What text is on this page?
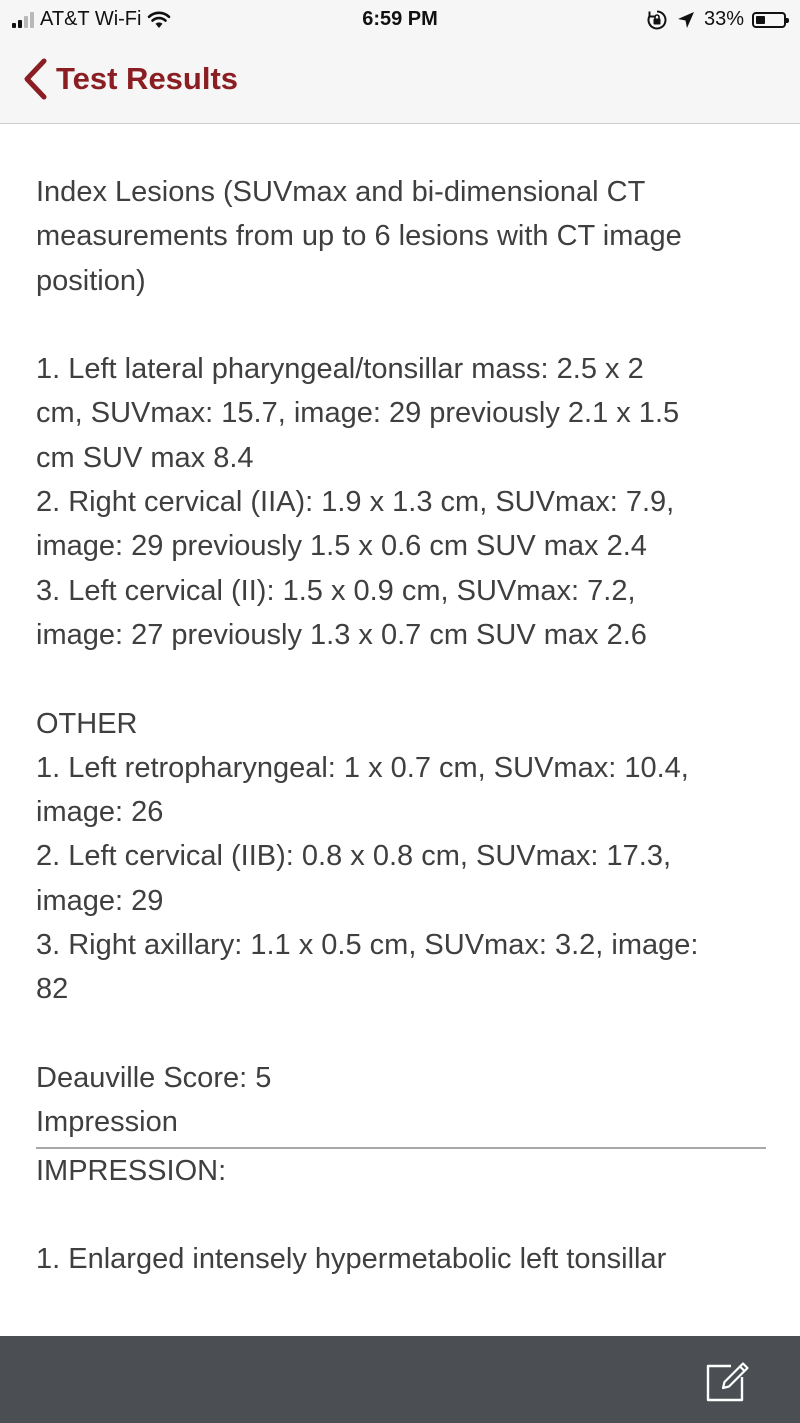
AT&T Wi-Fi	6:59 PM	33%
Test Results

Index Lesions (SUVmax and bi-dimensional CT

measurements from up to 6 lesions with CT image

position)

1. Left lateral pharyngeal/tonsillar mass: 2.5 x 2

cm, SUVmax: 15.7, image: 29 previously 2.1 x 1.5

cm SUV max 8.4

2. Right cervical (IIA): 1.9 x 1.3 cm, SUVmax: 7.9,

image: 29 previously 1.5 x 0.6 cm SUV max 2.4

3. Left cervical (II): 1.5 x 0.9 cm, SUVmax: 7.2,

image: 27 previously 1.3 x 0.7 cm SUV max 2.6

OTHER

1. Left retropharyngeal: 1 x 0.7 cm, SUVmax: 10.4,

image: 26

2. Left cervical (IIB): 0.8 x 0.8 cm, SUVmax: 17.3,

image: 29

3. Right axillary: 1.1 x 0.5 cm, SUVmax: 3.2, image:

82

Deauville Score: 5

Impression

IMPRESSION:

1. Enlarged intensely hypermetabolic left tonsillar
